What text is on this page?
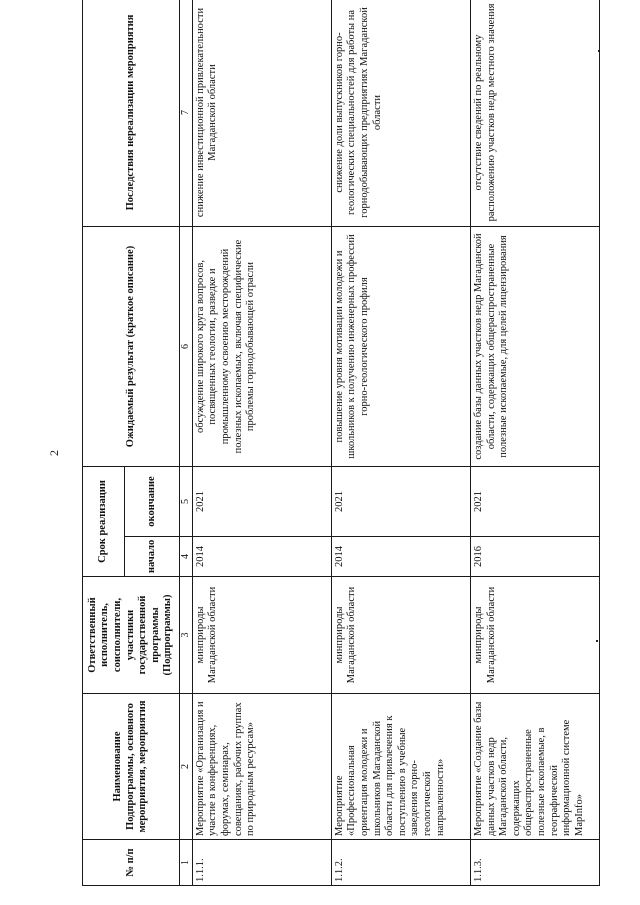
2
№ п/п	Наименование Подпрограммы, основного мероприятия, мероприятия	Ответственный исполнитель, соисполнители, участники государственной программы (Подпрограммы)	Срок реализации		Ожидаемый результат (краткое описание)	Последствия нереализации мероприятия
			начало	окончание		
1	2	3	4	5	6	7
1.1.1.	Мероприятие «Организация и участие в конференциях, форумах, семинарах, совещаниях, рабочих группах по природным ресурсам»	минприроды Магаданской области	2014	2021	обсуждение широкого круга вопросов, посвященных геологии, разведке и промышленному освоению месторождений полезных ископаемых, включая специфические проблемы горнодобывающей отрасли	снижение инвестиционной привлекательности Магаданской области
1.1.2.	Мероприятие «Профессиональная ориентация молодежи и школьников Магаданской области для привлечения к поступлению в учебные заведения горно-геологической направленности»	минприроды Магаданской области	2014	2021	повышение уровня мотивации молодежи и школьников к получению инженерных профессий горно-геологического профиля	снижение доли выпускников горно-геологических специальностей для работы на горнодобывающих предприятиях Магаданской области
1.1.3.	Мероприятие «Создание базы данных участков недр Магаданской области, содержащих общераспространенные полезные ископаемые, в географической информационной системе MapInfo»	минприроды Магаданской области	2016	2021	создание базы данных участков недр Магаданской области, содержащих общераспространенные полезные ископаемые, для целей лицензирования	отсутствие сведений по реальному расположению участков недр местного значения
